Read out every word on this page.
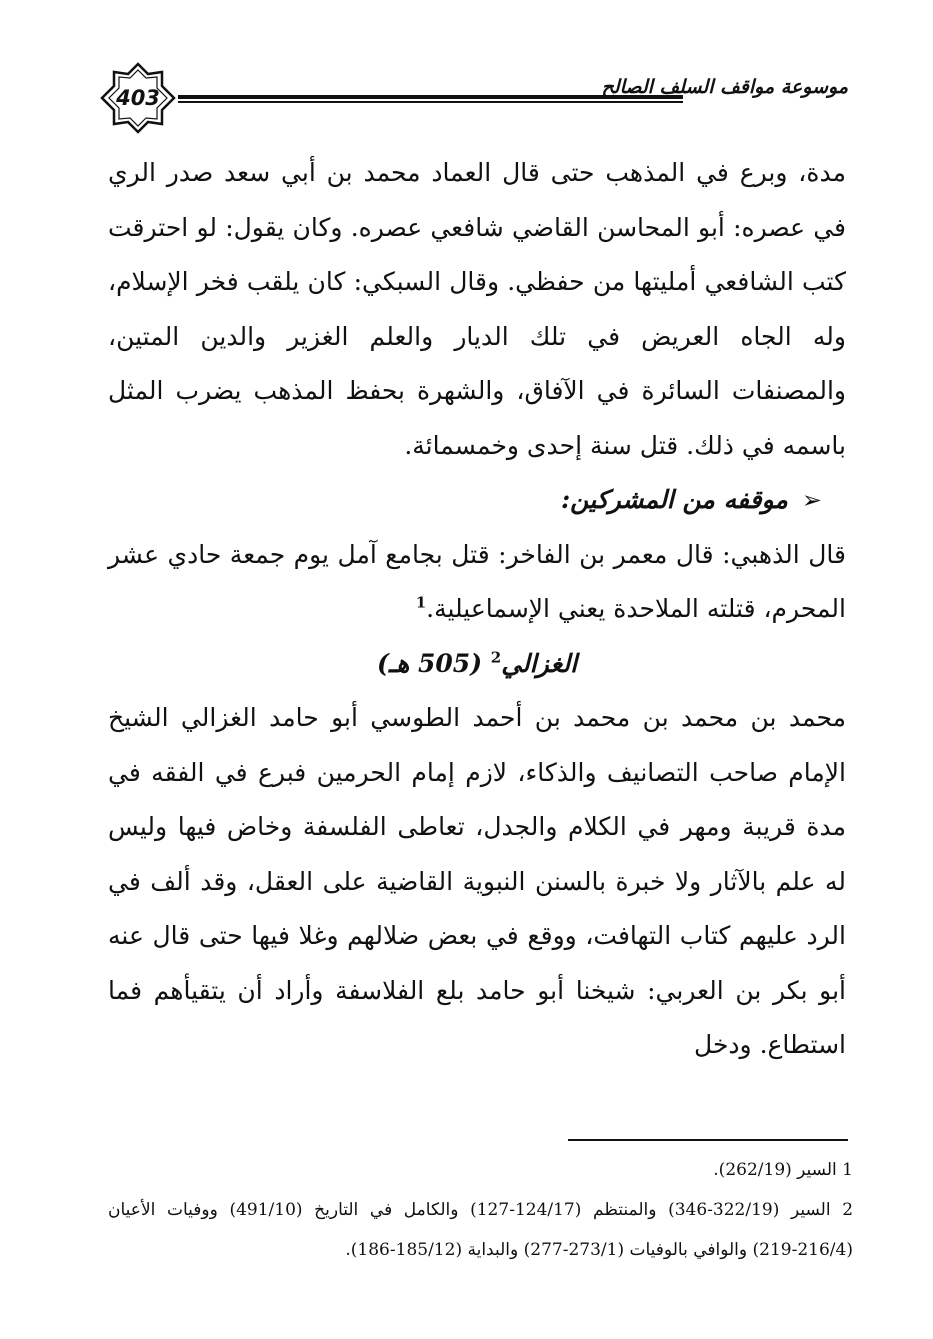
403	موسوعة مواقف السلف الصالح

مدة، وبرع في المذهب حتى قال العماد محمد بن أبي سعد صدر الري في عصره: أبو المحاسن القاضي شافعي عصره. وكان يقول: لو احترقت كتب الشافعي أمليتها من حفظي. وقال السبكي: كان يلقب فخر الإسلام، وله الجاه العريض في تلك الديار والعلم الغزير والدين المتين، والمصنفات السائرة في الآفاق، والشهرة بحفظ المذهب يضرب المثل باسمه في ذلك. قتل سنة إحدى وخمسمائة.

➢
موقفه من المشركين:

قال الذهبي: قال معمر بن الفاخر: قتل بجامع آمل يوم جمعة حادي عشر المحرم، قتلته الملاحدة يعني الإسماعيلية.$^1$

الغزالي$^2$ (505 هـ)

محمد بن محمد بن محمد بن أحمد الطوسي أبو حامد الغزالي الشيخ الإمام صاحب التصانيف والذكاء، لازم إمام الحرمين فبرع في الفقه في مدة قريبة ومهر في الكلام والجدل، تعاطى الفلسفة وخاض فيها وليس له علم بالآثار ولا خبرة بالسنن النبوية القاضية على العقل، وقد ألف في الرد عليهم كتاب التهافت، ووقع في بعض ضلالهم وغلا فيها حتى قال عنه أبو بكر بن العربي: شيخنا أبو حامد بلع الفلاسفة وأراد أن يتقيأهم فما استطاع. ودخل

1 السير (262/19).

2 السير (322/19-346) والمنتظم (124/17-127) والكامل في التاريخ (491/10) ووفيات الأعيان (216/4-219) والوافي بالوفيات (273/1-277) والبداية (185/12-186).
